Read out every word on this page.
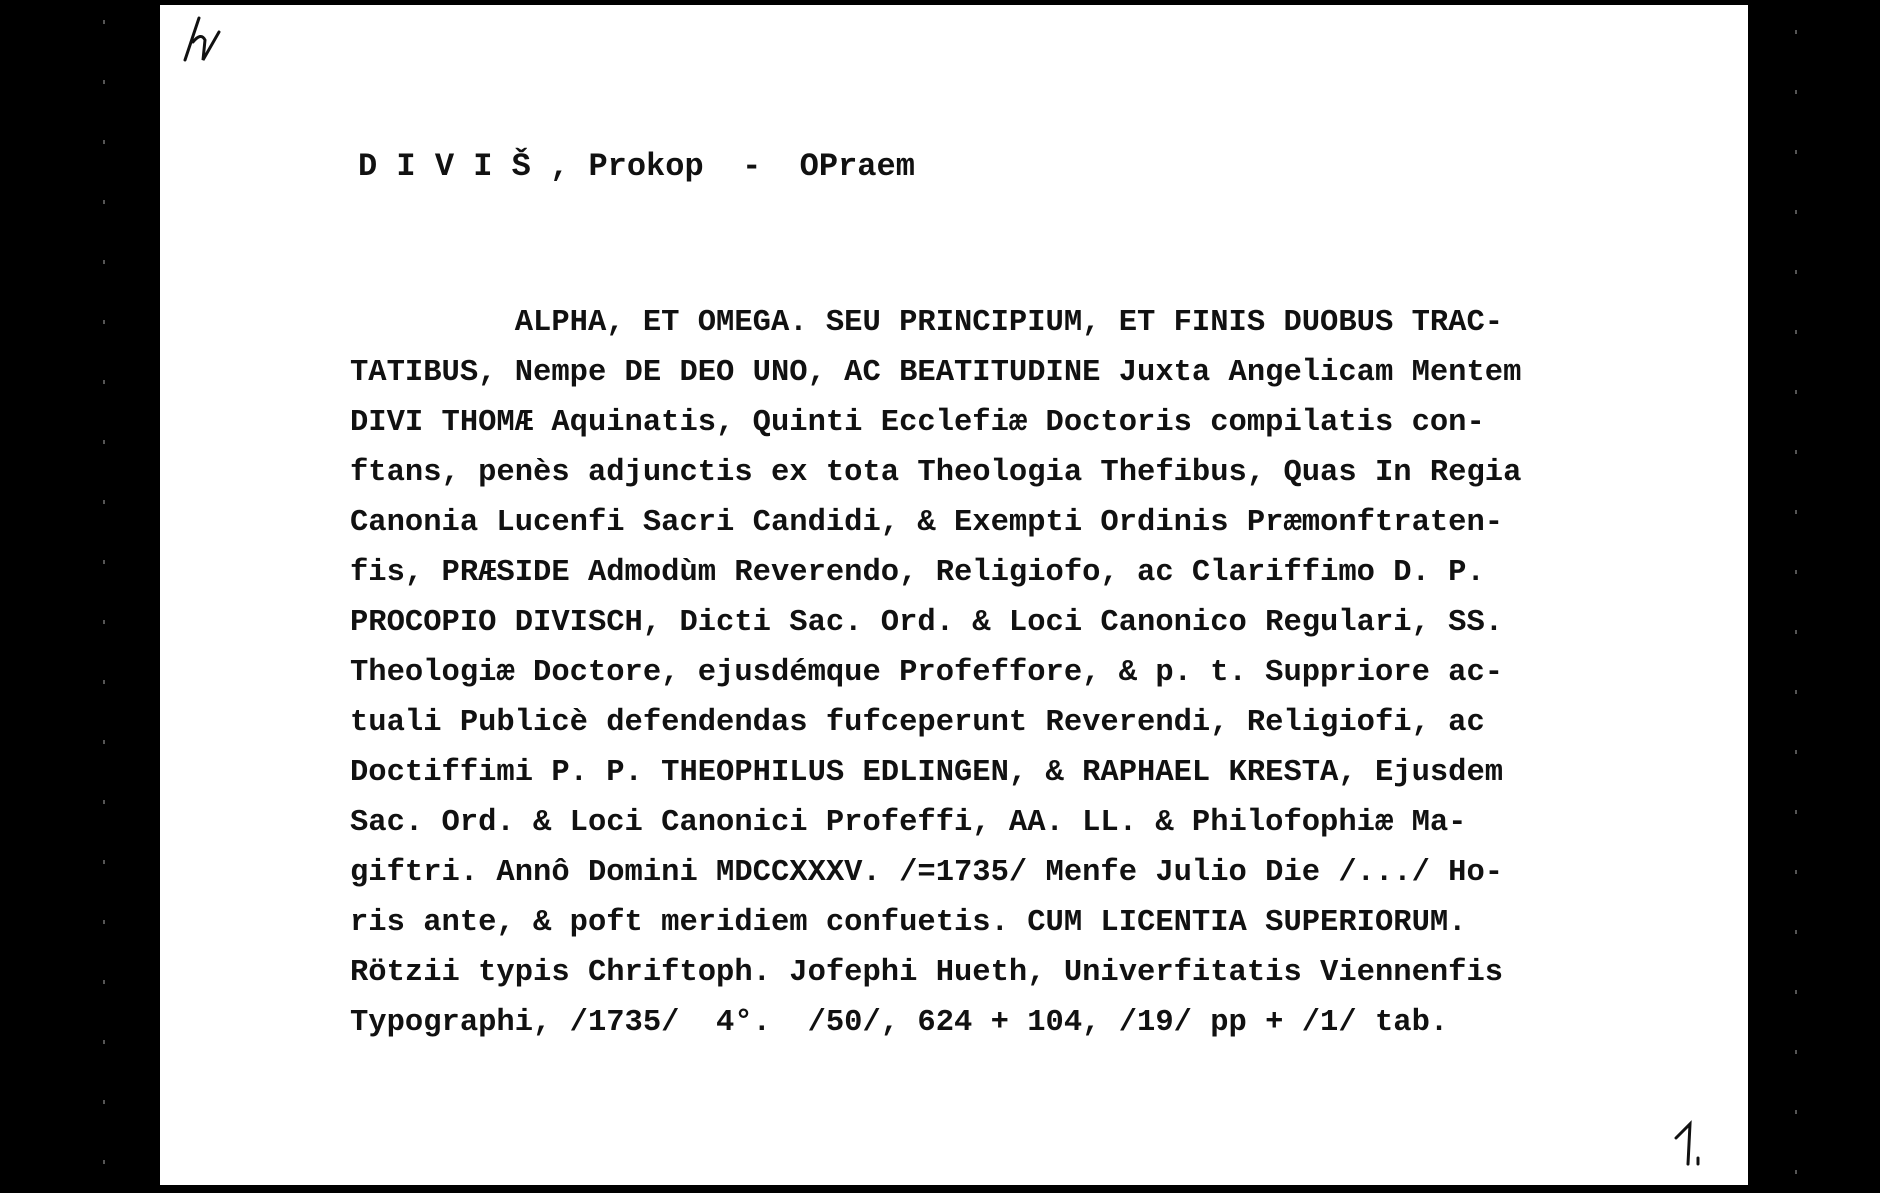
D I V I Š , Prokop  -  OPraem
ALPHA, ET OMEGA. SEU PRINCIPIUM, ET FINIS DUOBUS TRAC-
TATIBUS, Nempe DE DEO UNO, AC BEATITUDINE Juxta Angelicam Mentem
DIVI THOMÆ Aquinatis, Quinti Ecclefiæ Doctoris compilatis con-
ftans, penès adjunctis ex tota Theologia Thefibus, Quas In Regia
Canonia Lucenfi Sacri Candidi, & Exempti Ordinis Præmonftraten-
fis, PRÆSIDE Admodùm Reverendo, Religiofo, ac Clariffimo D. P.
PROCOPIO DIVISCH, Dicti Sac. Ord. & Loci Canonico Regulari, SS.
Theologiæ Doctore, ejusdémque Profeffore, & p. t. Suppriore ac-
tuali Publicè defendendas fufceperunt Reverendi, Religiofi, ac
Doctiffimi P. P. THEOPHILUS EDLINGEN, & RAPHAEL KRESTA, Ejusdem
Sac. Ord. & Loci Canonici Profeffi, AA. LL. & Philofophiæ Ma-
giftri. Annô Domini MDCCXXXV. /=1735/ Menfe Julio Die /.../ Ho-
ris ante, & poft meridiem confuetis. CUM LICENTIA SUPERIORUM.
Rötzii typis Chriftoph. Jofephi Hueth, Univerfitatis Viennenfis
Typographi, /1735/  4°.  /50/, 624 + 104, /19/ pp + /1/ tab.
